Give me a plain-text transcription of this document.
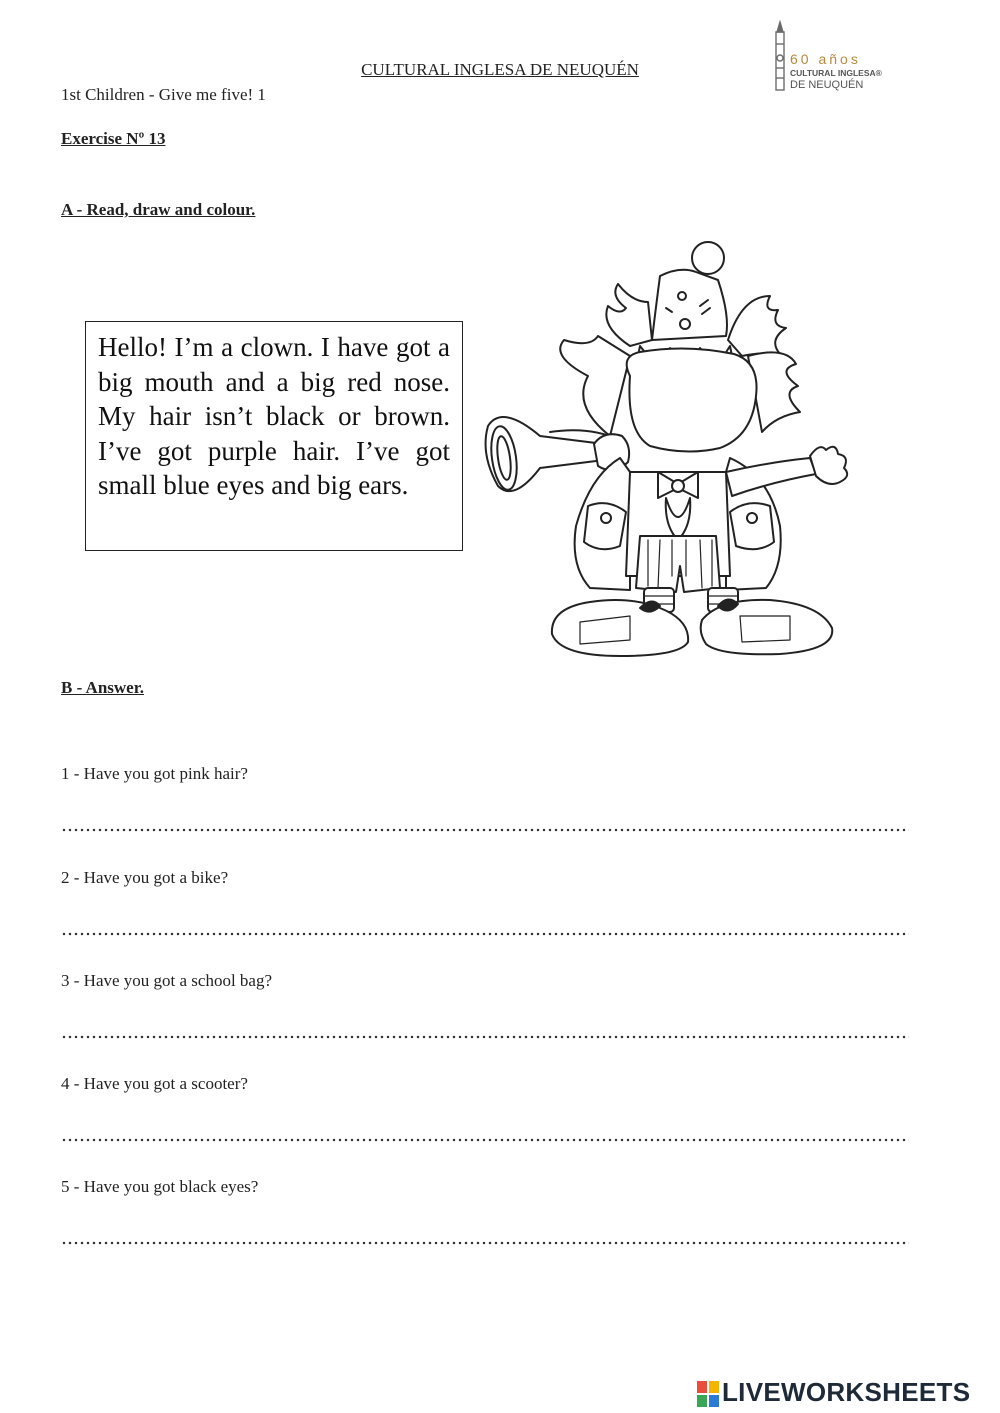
CULTURAL INGLESA DE NEUQUÉN
1st Children - Give me five! 1
60 años
CULTURAL INGLESA®
DE NEUQUÉN
Exercise Nº 13
A - Read, draw and colour.
Hello! I’m a clown. I have got a big mouth and a big red nose. My hair isn’t black or brown. I’ve got purple hair. I’ve got small blue eyes and big ears.
B - Answer.
1 - Have you got pink hair?
2 - Have you got a bike?
3 - Have you got a school bag?
4 - Have you got a scooter?
5 - Have you got black eyes?
LIVEWORKSHEETS
